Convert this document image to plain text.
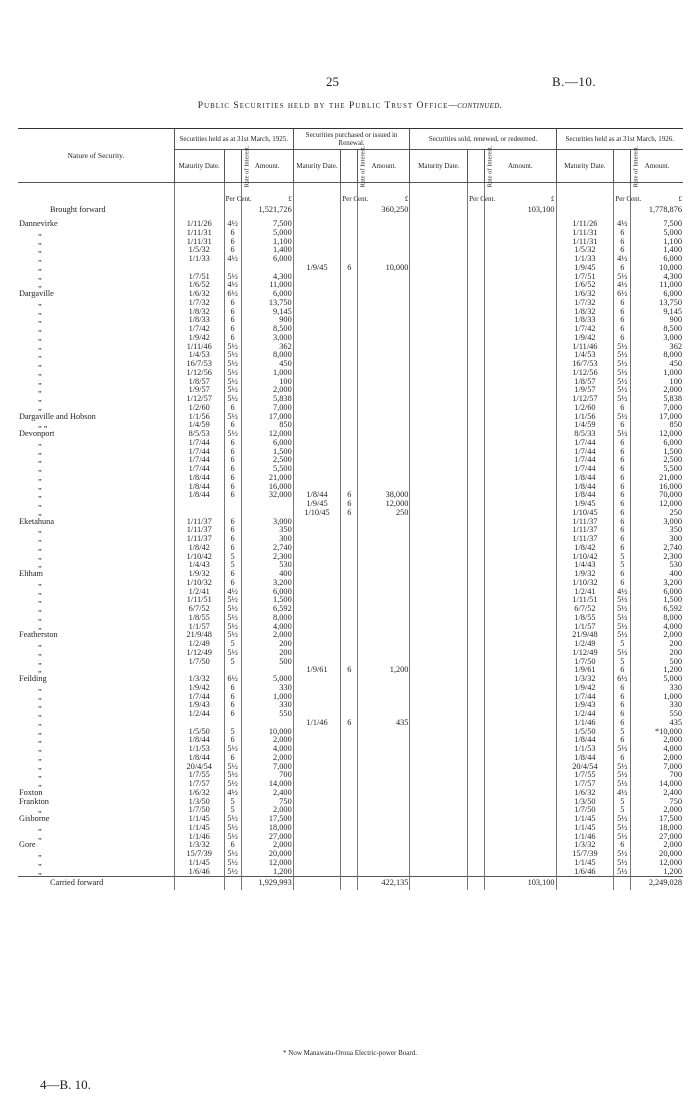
25	B.—10.
Public Securities held by the Public Trust Office—continued.
Nature of Security.	Securities held as at 31st March, 1925.			Securities purchased or issued in Renewal.			Securities sold, renewed, or redeemed.			Securities held as at 31st March, 1926.		
	Maturity Date.	Rate of Interest.	Amount.	Maturity Date.	Rate of Interest.	Amount.	Maturity Date.	Rate of Interest.	Amount.	Maturity Date.	Rate of Interest.	Amount.
		Per Cent.	£		Per Cent.	£		Per Cent.	£		Per Cent.	£
Brought forward			1,521,726			360,250			103,100			1,778,876

Dannevirke	1/11/26	4½	7,500							1/11/26	4½	7,500
„	1/11/31	6	5,000							1/11/31	6	5,000
„	1/11/31	6	1,100							1/11/31	6	1,100
„	1/5/32	6	1,400							1/5/32	6	1,400
„	1/1/33	4½	6,000							1/1/33	4½	6,000
„				1/9/45	6	10,000				1/9/45	6	10,000
„	1/7/51	5½	4,300							1/7/51	5½	4,300
„	1/6/52	4½	11,000							1/6/52	4½	11,000
Dargaville	1/6/32	6½	6,000							1/6/32	6½	6,000
„	1/7/32	6	13,750							1/7/32	6	13,750
„	1/8/32	6	9,145							1/8/32	6	9,145
„	1/8/33	6	900							1/8/33	6	900
„	1/7/42	6	8,500							1/7/42	6	8,500
„	1/9/42	6	3,000							1/9/42	6	3,000
„	1/11/46	5½	362							1/11/46	5½	362
„	1/4/53	5½	8,000							1/4/53	5½	8,000
„	16/7/53	5½	450							16/7/53	5½	450
„	1/12/56	5½	1,000							1/12/56	5½	1,000
„	1/8/57	5½	100							1/8/57	5½	100
„	1/9/57	5½	2,000							1/9/57	5½	2,000
„	1/12/57	5½	5,838							1/12/57	5½	5,838
„	1/2/60	6	7,000							1/2/60	6	7,000
Dargaville and Hobson	1/1/56	5½	17,000							1/1/56	5½	17,000
„ „	1/4/59	6	850							1/4/59	6	850
Devonport	8/5/53	5½	12,000							8/5/33	5½	12,000
„	1/7/44	6	6,000							1/7/44	6	6,000
„	1/7/44	6	1,500							1/7/44	6	1,500
„	1/7/44	6	2,500							1/7/44	6	2,500
„	1/7/44	6	5,500							1/7/44	6	5,500
„	1/8/44	6	21,000							1/8/44	6	21,000
„	1/8/44	6	16,000							1/8/44	6	16,000
„	1/8/44	6	32,000	1/8/44	6	38,000				1/8/44	6	70,000
„				1/9/45	6	12,000				1/9/45	6	12,000
„				1/10/45	6	250				1/10/45	6	250
Eketahuna	1/11/37	6	3,000							1/11/37	6	3,000
„	1/11/37	6	350							1/11/37	6	350
„	1/11/37	6	300							1/11/37	6	300
„	1/8/42	6	2,740							1/8/42	6	2,740
„	1/10/42	5	2,300							1/10/42	5	2,300
„	1/4/43	5	530							1/4/43	5	530
Eltham	1/9/32	6	400							1/9/32	6	400
„	1/10/32	6	3,200							1/10/32	6	3,200
„	1/2/41	4½	6,000							1/2/41	4½	6,000
„	1/11/51	5½	1,500							1/11/51	5½	1,500
„	6/7/52	5½	6,592							6/7/52	5½	6,592
„	1/8/55	5½	8,000							1/8/55	5½	8,000
„	1/1/57	5½	4,000							1/1/57	5½	4,000
Featherston	21/9/48	5½	2,000							21/9/48	5½	2,000
„	1/2/49	5	200							1/2/49	5	200
„	1/12/49	5½	200							1/12/49	5½	200
„	1/7/50	5	500							1/7/50	5	500
„				1/9/61	6	1,200				1/9/61	6	1,200
Feilding	1/3/32	6½	5,000							1/3/32	6½	5,000
„	1/9/42	6	330							1/9/42	6	330
„	1/7/44	6	1,000							1/7/44	6	1,000
„	1/9/43	6	330							1/9/43	6	330
„	1/2/44	6	550							1/2/44	6	550
„				1/1/46	6	435				1/1/46	6	435
„	1/5/50	5	10,000							1/5/50	5	*10,000
„	1/8/44	6	2,000							1/8/44	6	2,000
„	1/1/53	5½	4,000							1/1/53	5½	4,000
„	1/8/44	6	2,000							1/8/44	6	2,000
„	20/4/54	5½	7,000							20/4/54	5½	7,000
„	1/7/55	5½	700							1/7/55	5½	700
„	1/7/57	5½	14,000							1/7/57	5½	14,000
Foxton	1/6/32	4½	2,400							1/6/32	4½	2,400
Frankton	1/3/50	5	750							1/3/50	5	750
„	1/7/50	5	2,000							1/7/50	5	2,000
Gisborne	1/1/45	5½	17,500							1/1/45	5½	17,500
„	1/1/45	5½	18,000							1/1/45	5½	18,000
„	1/1/46	5½	27,000							1/1/46	5½	27,000
Gore	1/3/32	6	2,000							1/3/32	6	2,000
„	15/7/39	5½	20,000							15/7/39	5½	20,000
„	1/1/45	5½	12,000							1/1/45	5½	12,000
„	1/6/46	5½	1,200							1/6/46	5½	1,200
Carried forward			1,929,993			422,135			103,100			2,249,028
* Now Manawatu-Oroua Electric-power Board.
4—B. 10.
